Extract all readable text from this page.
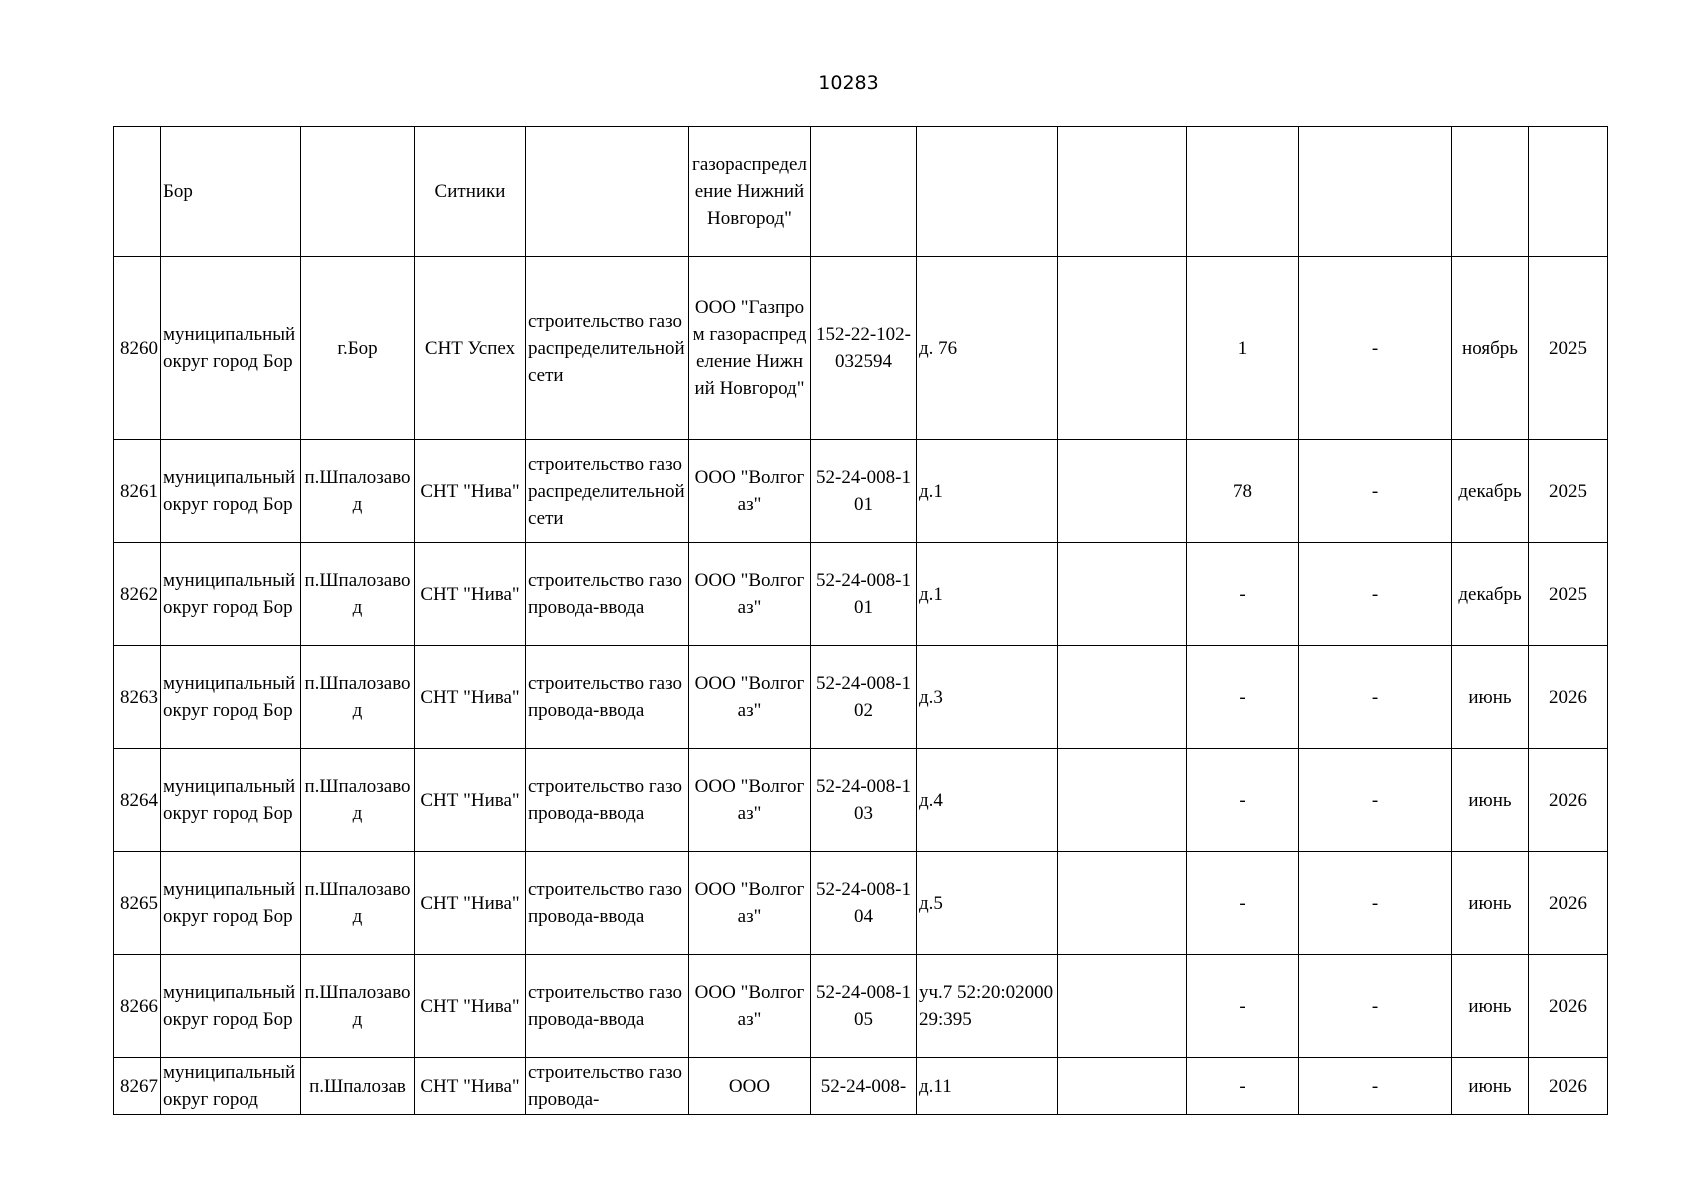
10283
	Бор		Ситники		газораспределение Нижний Новгород"							
8260	муниципальный округ город Бор	г.Бор	СНТ Успех	строительство газораспределительной сети	ООО "Газпром газораспределение Нижний Новгород"	152-22-102-032594	д. 76		1	-	ноябрь	2025
8261	муниципальный округ город Бор	п.Шпалозавод	СНТ "Нива"	строительство газораспределительной сети	ООО "Волгогаз"	52-24-008-101	д.1		78	-	декабрь	2025
8262	муниципальный округ город Бор	п.Шпалозавод	СНТ "Нива"	строительство газопровода-ввода	ООО "Волгогаз"	52-24-008-101	д.1		-	-	декабрь	2025
8263	муниципальный округ город Бор	п.Шпалозавод	СНТ "Нива"	строительство газопровода-ввода	ООО "Волгогаз"	52-24-008-102	д.3		-	-	июнь	2026
8264	муниципальный округ город Бор	п.Шпалозавод	СНТ "Нива"	строительство газопровода-ввода	ООО "Волгогаз"	52-24-008-103	д.4		-	-	июнь	2026
8265	муниципальный округ город Бор	п.Шпалозавод	СНТ "Нива"	строительство газопровода-ввода	ООО "Волгогаз"	52-24-008-104	д.5		-	-	июнь	2026
8266	муниципальный округ город Бор	п.Шпалозавод	СНТ "Нива"	строительство газопровода-ввода	ООО "Волгогаз"	52-24-008-105	уч.7 52:20:0200029:395		-	-	июнь	2026
8267	муниципальный округ город	п.Шпалозав	СНТ "Нива"	строительство газопровода-	ООО	52-24-008-	д.11		-	-	июнь	2026
